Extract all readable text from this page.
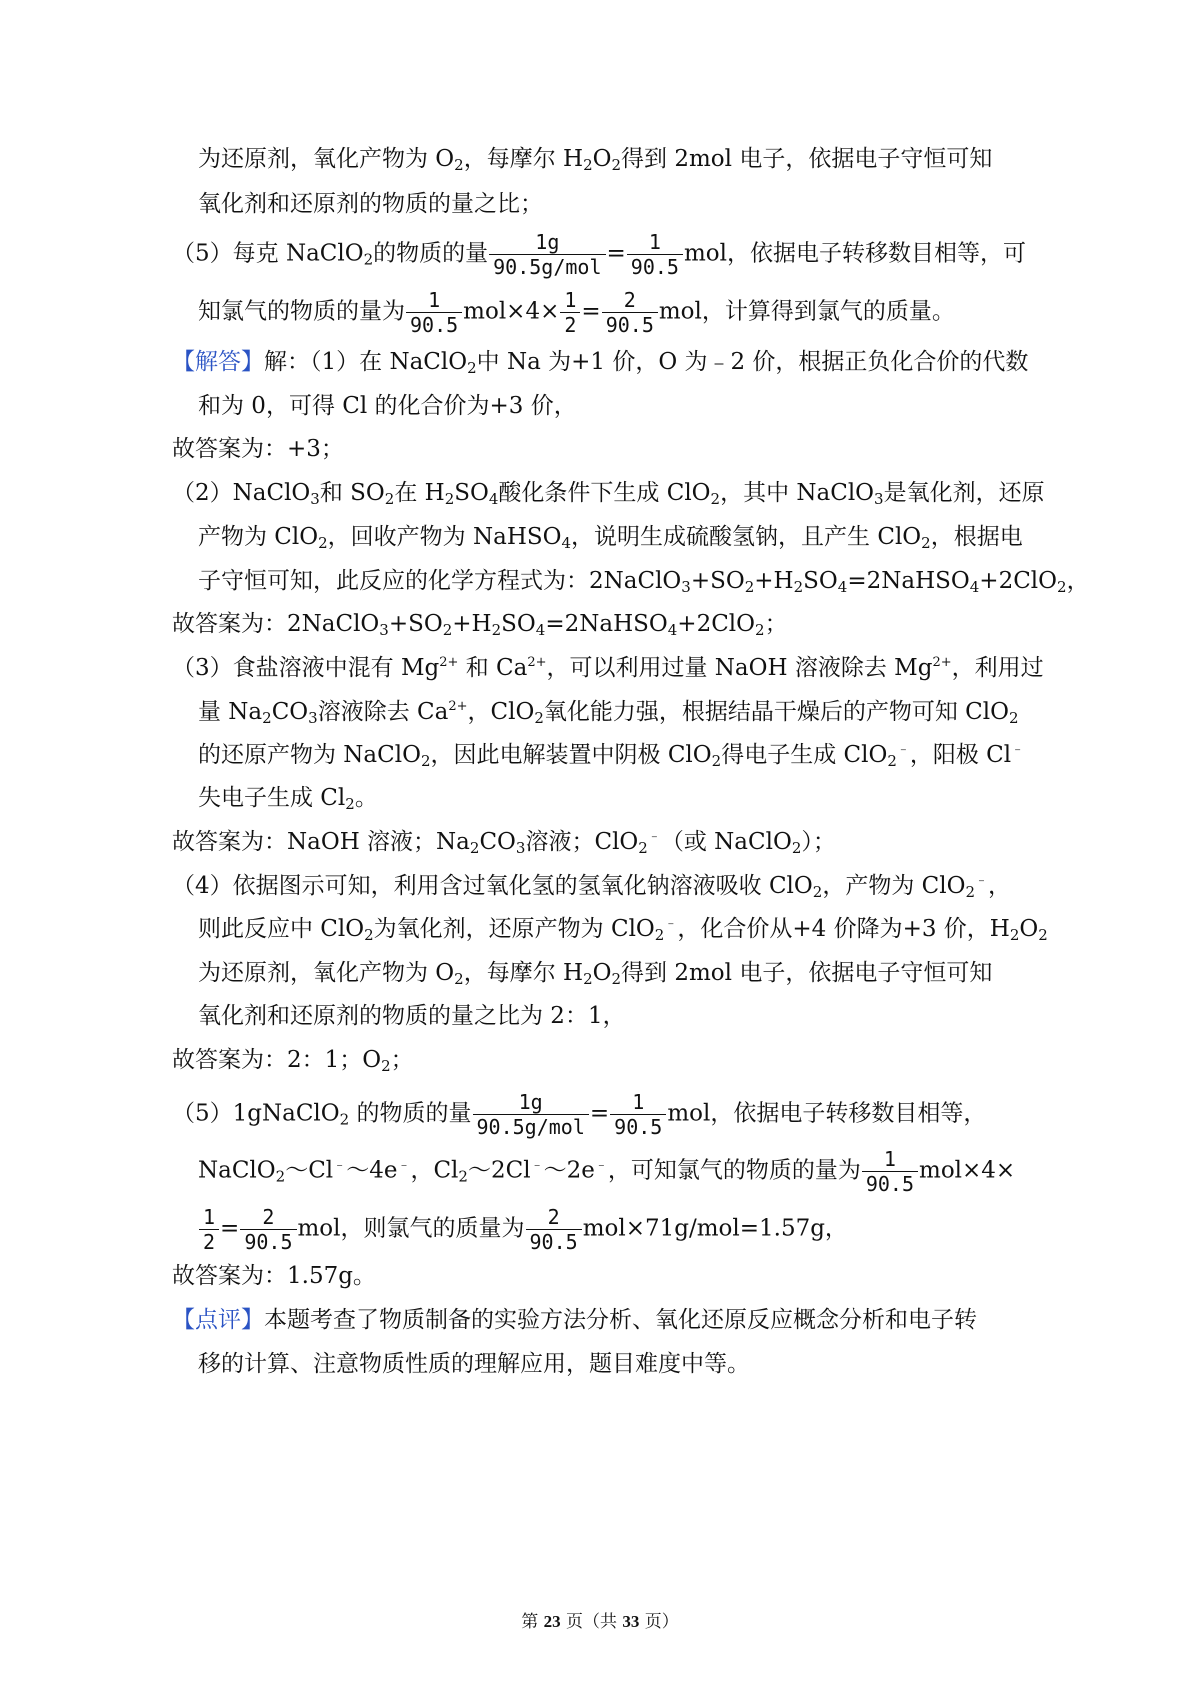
为还原剂，氧化产物为 $O_2$，每摩尔 $H_2O_2$得到 2mol 电子，依据电子守恒可知
氧化剂和还原剂的物质的量之比；
（5）每克 NaClO$_2$的物质的量 $\frac{1g}{\text{90.5g/mol}} = \frac{1}{90.5}$ mol，依据电子转移数目相等，可
知氯气的物质的量为 $\frac{1}{90.5} mol\times 4\times \frac{1}{2} = \frac{2}{90.5}$ mol，计算得到氯气的质量。
【解答】解：（1）在 NaClO$_2$中 Na 为+1 价，O 为﹣2 价，根据正负化合价的代数
和为 0，可得 Cl 的化合价为+3 价，
故答案为：+3；
（2）NaClO$_3$和 $SO_2$在 $H_2SO_4$酸化条件下生成 ClO$_2$，其中 NaClO$_3$是氧化剂，还原
产物为 ClO$_2$，回收产物为 NaHSO$_4$，说明生成硫酸氢钠，且产生 ClO$_2$，根据电
子守恒可知，此反应的化学方程式为：$2NaClO_3+SO_2+H_2SO_4=2NaHSO_4+2ClO_2$，
故答案为：$2NaClO_3+SO_2+H_2SO_4=2NaHSO_4+2ClO_2$；
（3）食盐溶液中混有 $Mg^{2+}$ 和 $Ca^{2+}$，可以利用过量 NaOH 溶液除去 $Mg^{2+}$，利用过
量 $Na_2CO_3$溶液除去 $Ca^{2+}$，ClO$_2$氧化能力强，根据结晶干燥后的产物可知 ClO$_2$
的还原产物为 NaClO$_2$，因此电解装置中阴极 ClO$_2$得电子生成 ClO$_2$﹣，阳极 Cl﹣
失电子生成 $Cl_2$。
故答案为：NaOH 溶液；$Na_2CO_3$溶液；ClO$_2$﹣（或 NaClO$_2$）；
（4）依据图示可知，利用含过氧化氢的氢氧化钠溶液吸收 ClO$_2$，产物为 ClO$_2$﹣，
则此反应中 ClO$_2$为氧化剂，还原产物为 ClO$_2$﹣，化合价从+4 价降为+3 价，$H_2O_2$
为还原剂，氧化产物为 $O_2$，每摩尔 $H_2O_2$得到 2mol 电子，依据电子守恒可知
氧化剂和还原剂的物质的量之比为 2：1，
故答案为：2：1；$O_2$；
（5）1gNaClO$_2$ 的物质的量 $\frac{1g}{\text{90.5g/mol}} = \frac{1}{90.5}$ mol，依据电子转移数目相等，
NaClO$_2$～Cl﹣～4e﹣，$Cl_2\sim 2Cl^﹣\sim 2e^﹣$，可知氯气的物质的量为 $\frac{1}{90.5} mol\times 4\times$
$\frac{1}{2} = \frac{2}{90.5}$ mol，则氯气的质量为 $\frac{2}{90.5} mol\times 71g/mol=1.57g$，
故答案为：1.57g。
【点评】本题考查了物质制备的实验方法分析、氧化还原反应概念分析和电子转
移的计算、注意物质性质的理解应用，题目难度中等。
第 23 页（共 33 页）
